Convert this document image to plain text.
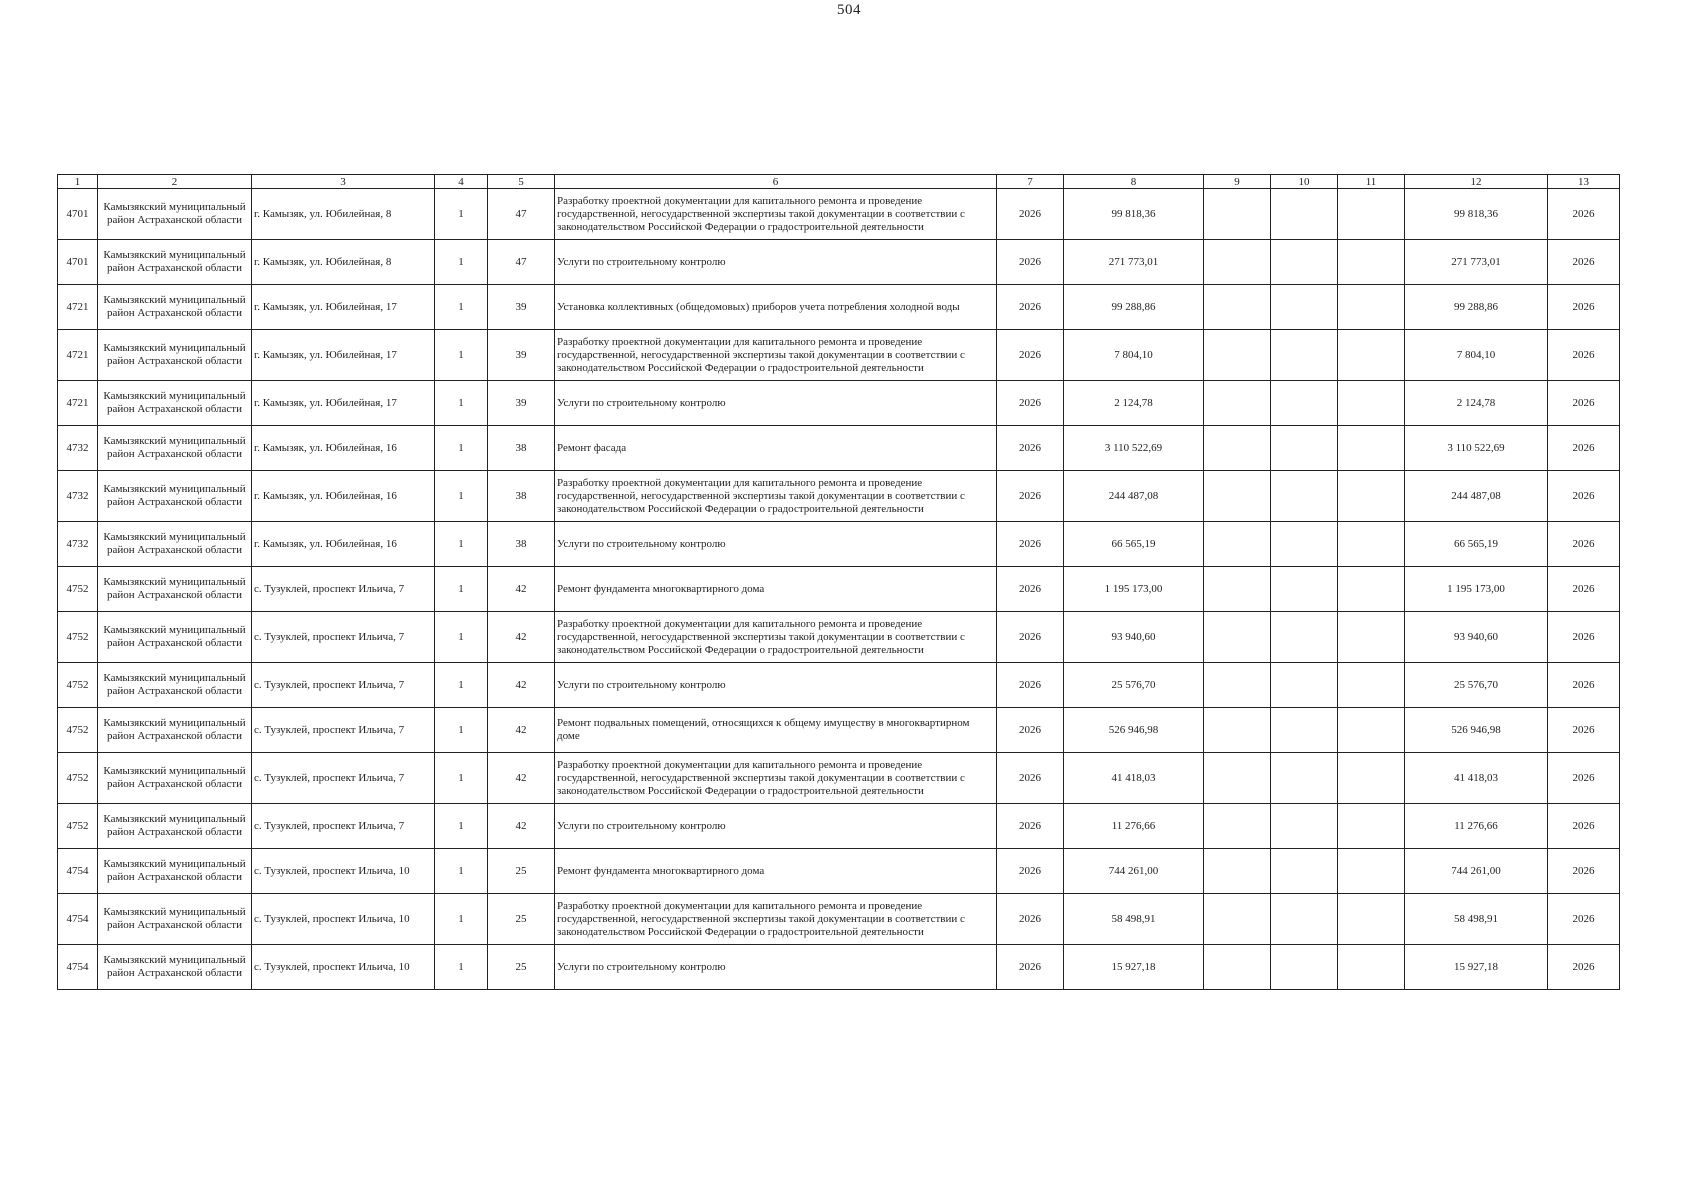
504
1	2	3	4	5	6	7	8	9	10	11	12	13
4701	Камызякский муниципальный район Астраханской области	г. Камызяк, ул. Юбилейная, 8	1	47	Разработку проектной документации для капитального ремонта и проведение государственной, негосударственной экспертизы такой документации в соответствии с законодательством Российской Федерации о градостроительной деятельности	2026	99 818,36				99 818,36	2026
4701	Камызякский муниципальный район Астраханской области	г. Камызяк, ул. Юбилейная, 8	1	47	Услуги по строительному контролю	2026	271 773,01				271 773,01	2026
4721	Камызякский муниципальный район Астраханской области	г. Камызяк, ул. Юбилейная, 17	1	39	Установка коллективных (общедомовых) приборов учета потребления холодной воды	2026	99 288,86				99 288,86	2026
4721	Камызякский муниципальный район Астраханской области	г. Камызяк, ул. Юбилейная, 17	1	39	Разработку проектной документации для капитального ремонта и проведение государственной, негосударственной экспертизы такой документации в соответствии с законодательством Российской Федерации о градостроительной деятельности	2026	7 804,10				7 804,10	2026
4721	Камызякский муниципальный район Астраханской области	г. Камызяк, ул. Юбилейная, 17	1	39	Услуги по строительному контролю	2026	2 124,78				2 124,78	2026
4732	Камызякский муниципальный район Астраханской области	г. Камызяк, ул. Юбилейная, 16	1	38	Ремонт фасада	2026	3 110 522,69				3 110 522,69	2026
4732	Камызякский муниципальный район Астраханской области	г. Камызяк, ул. Юбилейная, 16	1	38	Разработку проектной документации для капитального ремонта и проведение государственной, негосударственной экспертизы такой документации в соответствии с законодательством Российской Федерации о градостроительной деятельности	2026	244 487,08				244 487,08	2026
4732	Камызякский муниципальный район Астраханской области	г. Камызяк, ул. Юбилейная, 16	1	38	Услуги по строительному контролю	2026	66 565,19				66 565,19	2026
4752	Камызякский муниципальный район Астраханской области	с. Тузуклей, проспект Ильича, 7	1	42	Ремонт фундамента многоквартирного дома	2026	1 195 173,00				1 195 173,00	2026
4752	Камызякский муниципальный район Астраханской области	с. Тузуклей, проспект Ильича, 7	1	42	Разработку проектной документации для капитального ремонта и проведение государственной, негосударственной экспертизы такой документации в соответствии с законодательством Российской Федерации о градостроительной деятельности	2026	93 940,60				93 940,60	2026
4752	Камызякский муниципальный район Астраханской области	с. Тузуклей, проспект Ильича, 7	1	42	Услуги по строительному контролю	2026	25 576,70				25 576,70	2026
4752	Камызякский муниципальный район Астраханской области	с. Тузуклей, проспект Ильича, 7	1	42	Ремонт подвальных помещений, относящихся к общему имуществу в многоквартирном доме	2026	526 946,98				526 946,98	2026
4752	Камызякский муниципальный район Астраханской области	с. Тузуклей, проспект Ильича, 7	1	42	Разработку проектной документации для капитального ремонта и проведение государственной, негосударственной экспертизы такой документации в соответствии с законодательством Российской Федерации о градостроительной деятельности	2026	41 418,03				41 418,03	2026
4752	Камызякский муниципальный район Астраханской области	с. Тузуклей, проспект Ильича, 7	1	42	Услуги по строительному контролю	2026	11 276,66				11 276,66	2026
4754	Камызякский муниципальный район Астраханской области	с. Тузуклей, проспект Ильича, 10	1	25	Ремонт фундамента многоквартирного дома	2026	744 261,00				744 261,00	2026
4754	Камызякский муниципальный район Астраханской области	с. Тузуклей, проспект Ильича, 10	1	25	Разработку проектной документации для капитального ремонта и проведение государственной, негосударственной экспертизы такой документации в соответствии с законодательством Российской Федерации о градостроительной деятельности	2026	58 498,91				58 498,91	2026
4754	Камызякский муниципальный район Астраханской области	с. Тузуклей, проспект Ильича, 10	1	25	Услуги по строительному контролю	2026	15 927,18				15 927,18	2026
